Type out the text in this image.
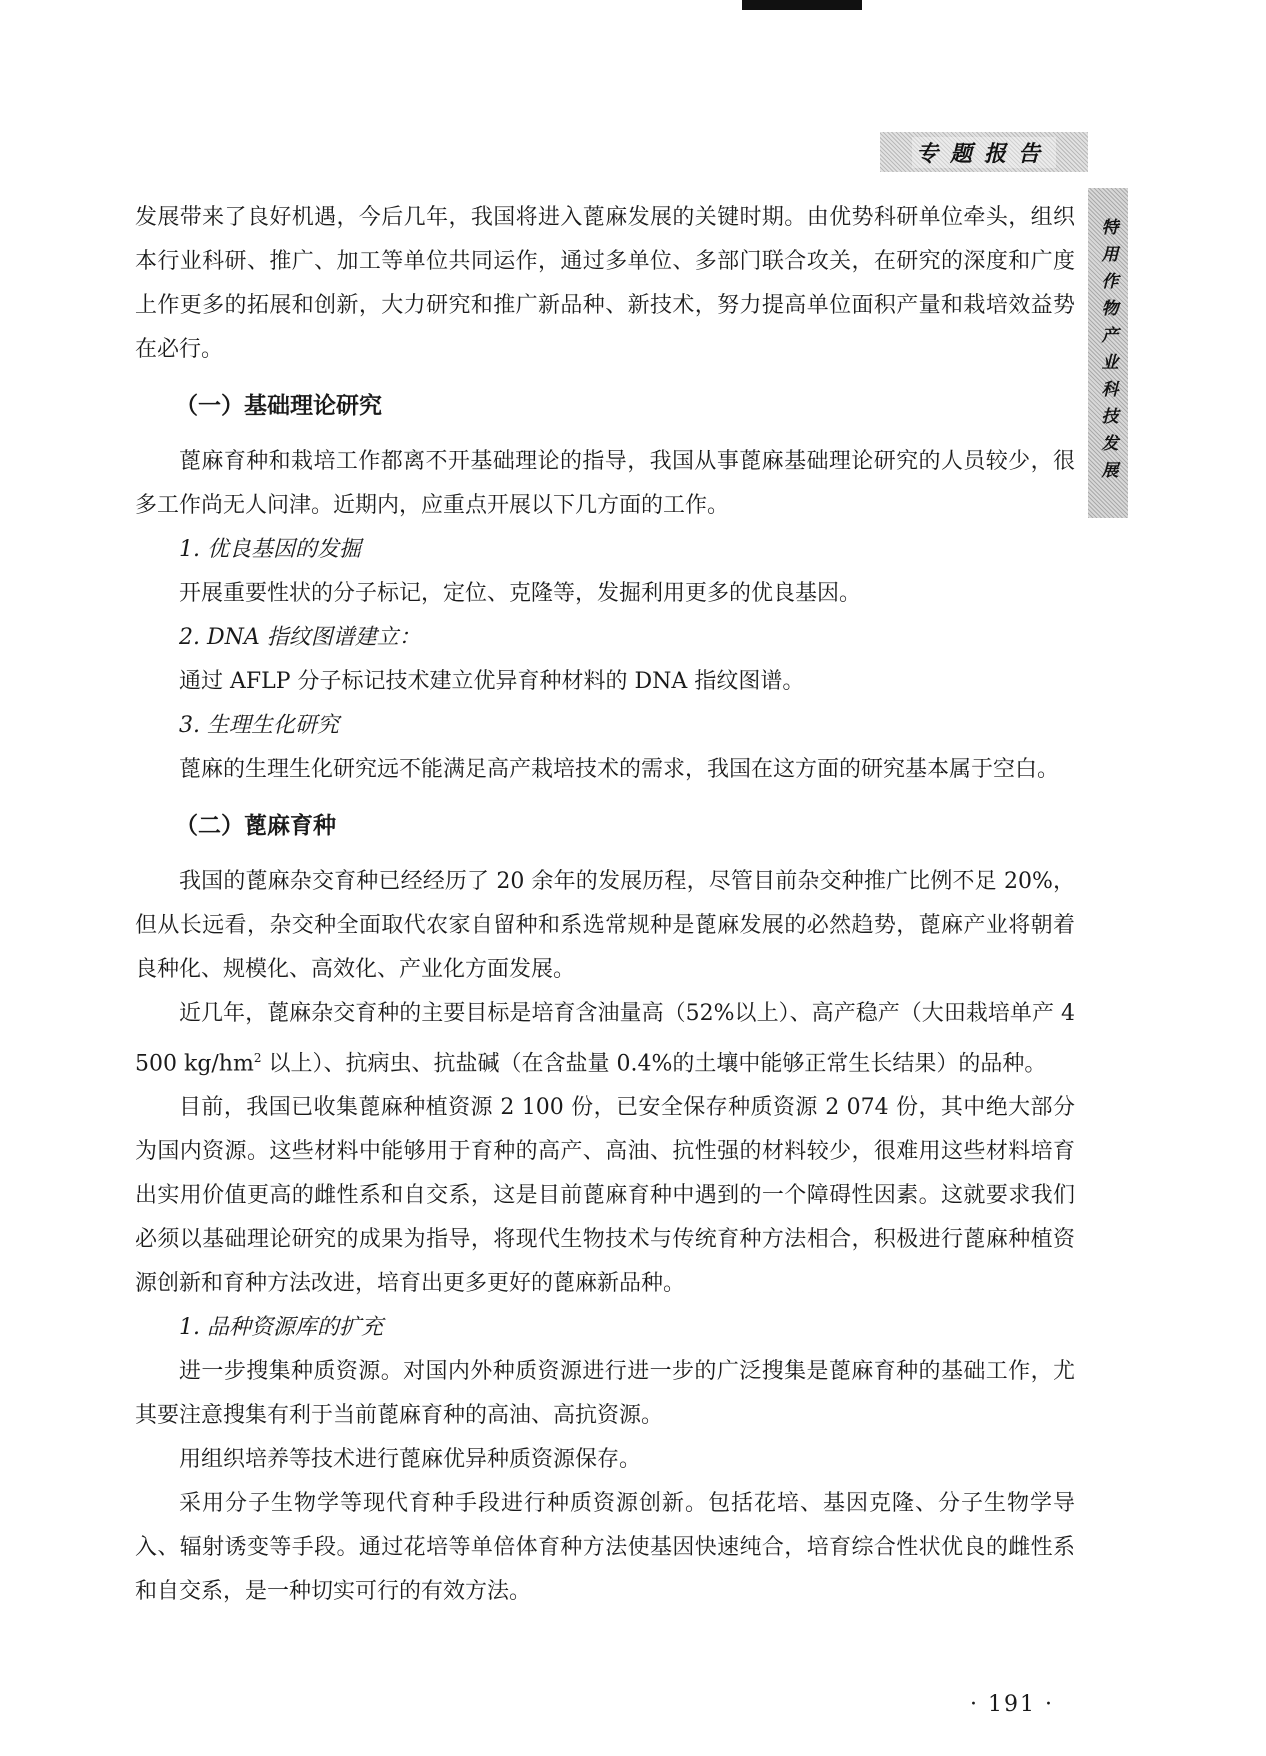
专题报告
特用作物产业科技发展

发展带来了良好机遇，今后几年，我国将进入蓖麻发展的关键时期。由优势科研单位牵头，组织本行业科研、推广、加工等单位共同运作，通过多单位、多部门联合攻关，在研究的深度和广度上作更多的拓展和创新，大力研究和推广新品种、新技术，努力提高单位面积产量和栽培效益势在必行。

（一）基础理论研究

蓖麻育种和栽培工作都离不开基础理论的指导，我国从事蓖麻基础理论研究的人员较少，很多工作尚无人问津。近期内，应重点开展以下几方面的工作。

1. 优良基因的发掘

开展重要性状的分子标记，定位、克隆等，发掘利用更多的优良基因。

2. DNA 指纹图谱建立：

通过 AFLP 分子标记技术建立优异育种材料的 DNA 指纹图谱。

3. 生理生化研究

蓖麻的生理生化研究远不能满足高产栽培技术的需求，我国在这方面的研究基本属于空白。

（二）蓖麻育种

我国的蓖麻杂交育种已经经历了 20 余年的发展历程，尽管目前杂交种推广比例不足 20%，但从长远看，杂交种全面取代农家自留种和系选常规种是蓖麻发展的必然趋势，蓖麻产业将朝着良种化、规模化、高效化、产业化方面发展。

近几年，蓖麻杂交育种的主要目标是培育含油量高（52%以上）、高产稳产（大田栽培单产 4 500 $kg/hm^2$ 以上）、抗病虫、抗盐碱（在含盐量 0.4%的土壤中能够正常生长结果）的品种。

目前，我国已收集蓖麻种植资源 2 100 份，已安全保存种质资源 2 074 份，其中绝大部分为国内资源。这些材料中能够用于育种的高产、高油、抗性强的材料较少，很难用这些材料培育出实用价值更高的雌性系和自交系，这是目前蓖麻育种中遇到的一个障碍性因素。这就要求我们必须以基础理论研究的成果为指导，将现代生物技术与传统育种方法相合，积极进行蓖麻种植资源创新和育种方法改进，培育出更多更好的蓖麻新品种。

1. 品种资源库的扩充

进一步搜集种质资源。对国内外种质资源进行进一步的广泛搜集是蓖麻育种的基础工作，尤其要注意搜集有利于当前蓖麻育种的高油、高抗资源。

用组织培养等技术进行蓖麻优异种质资源保存。

采用分子生物学等现代育种手段进行种质资源创新。包括花培、基因克隆、分子生物学导入、辐射诱变等手段。通过花培等单倍体育种方法使基因快速纯合，培育综合性状优良的雌性系和自交系，是一种切实可行的有效方法。

· 191 ·
